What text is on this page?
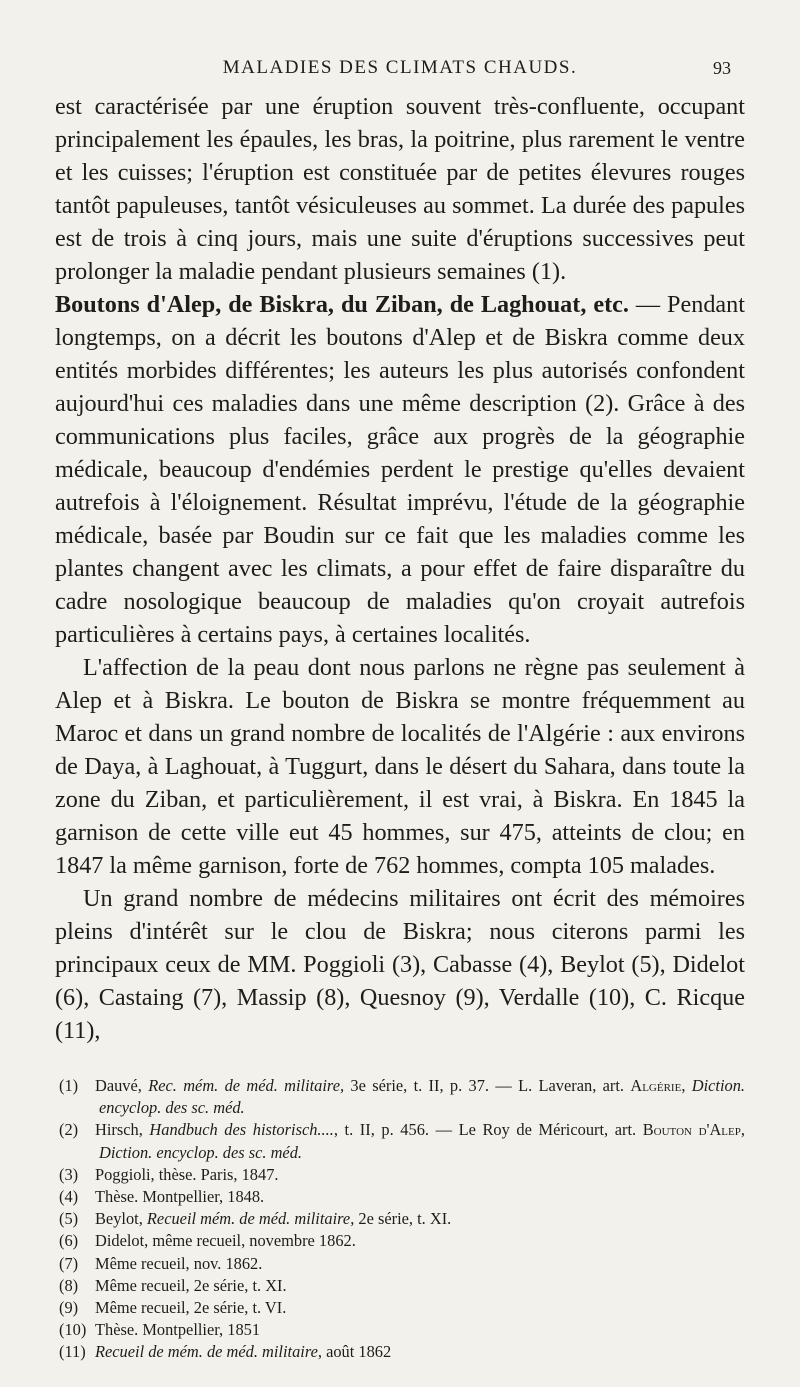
MALADIES DES CLIMATS CHAUDS.	93

est caractérisée par une éruption souvent très-confluente, occupant principalement les épaules, les bras, la poitrine, plus rarement le ventre et les cuisses; l'éruption est constituée par de petites élevures rouges tantôt papuleuses, tantôt vésiculeuses au sommet. La durée des papules est de trois à cinq jours, mais une suite d'éruptions successives peut prolonger la maladie pendant plusieurs semaines (1).

Boutons d'Alep, de Biskra, du Ziban, de Laghouat, etc. — Pendant longtemps, on a décrit les boutons d'Alep et de Biskra comme deux entités morbides différentes; les auteurs les plus autorisés confondent aujourd'hui ces maladies dans une même description (2). Grâce à des communications plus faciles, grâce aux progrès de la géographie médicale, beaucoup d'endémies perdent le prestige qu'elles devaient autrefois à l'éloignement. Résultat imprévu, l'étude de la géographie médicale, basée par Boudin sur ce fait que les maladies comme les plantes changent avec les climats, a pour effet de faire disparaître du cadre nosologique beaucoup de maladies qu'on croyait autrefois particulières à certains pays, à certaines localités.

L'affection de la peau dont nous parlons ne règne pas seulement à Alep et à Biskra. Le bouton de Biskra se montre fréquemment au Maroc et dans un grand nombre de localités de l'Algérie : aux environs de Daya, à Laghouat, à Tuggurt, dans le désert du Sahara, dans toute la zone du Ziban, et particulièrement, il est vrai, à Biskra. En 1845 la garnison de cette ville eut 45 hommes, sur 475, atteints de clou; en 1847 la même garnison, forte de 762 hommes, compta 105 malades.

Un grand nombre de médecins militaires ont écrit des mémoires pleins d'intérêt sur le clou de Biskra; nous citerons parmi les principaux ceux de MM. Poggioli (3), Cabasse (4), Beylot (5), Didelot (6), Castaing (7), Massip (8), Quesnoy (9), Verdalle (10), C. Ricque (11),

(1) Dauvé, Rec. mém. de méd. militaire, 3e série, t. II, p. 37. — L. Laveran, art. Algérie, Diction. encyclop. des sc. méd.

(2) Hirsch, Handbuch des historisch...., t. II, p. 456. — Le Roy de Méricourt, art. Bouton d'Alep, Diction. encyclop. des sc. méd.

(3) Poggioli, thèse. Paris, 1847.

(4) Thèse. Montpellier, 1848.

(5) Beylot, Recueil mém. de méd. militaire, 2e série, t. XI.

(6) Didelot, même recueil, novembre 1862.

(7) Même recueil, nov. 1862.

(8) Même recueil, 2e série, t. XI.

(9) Même recueil, 2e série, t. VI.

(10) Thèse. Montpellier, 1851

(11) Recueil de mém. de méd. militaire, août 1862
